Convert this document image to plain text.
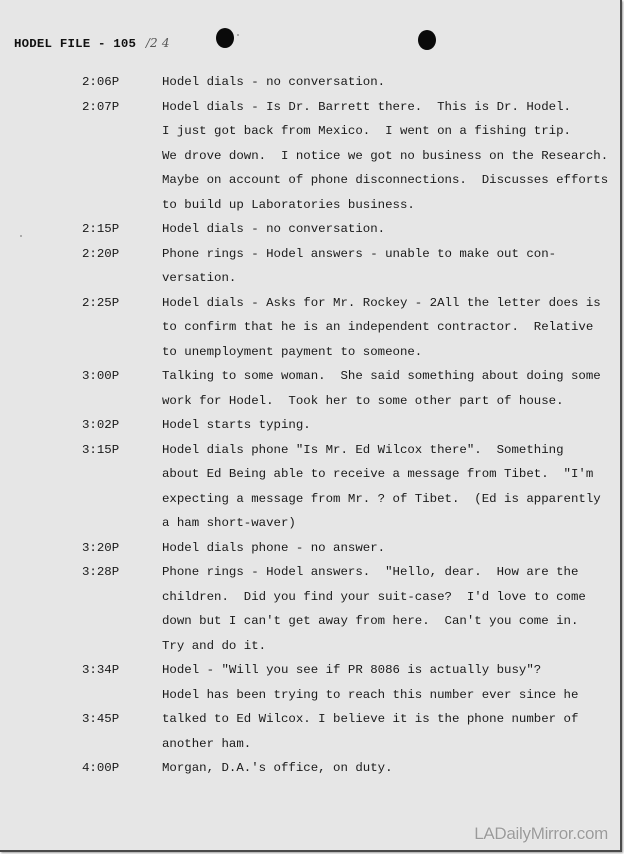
HODEL FILE - 105 /2 4
2:06P	Hodel dials - no conversation.
2:07P	Hodel dials - Is Dr. Barrett there.  This is Dr. Hodel.
I just got back from Mexico.  I went on a fishing trip.
We drove down.  I notice we got no business on the Research.
Maybe on account of phone disconnections.  Discusses efforts
to build up Laboratories business.
2:15P	Hodel dials - no conversation.
2:20P	Phone rings - Hodel answers - unable to make out con-
versation.
2:25P	Hodel dials - Asks for Mr. Rockey - 2All the letter does is
to confirm that he is an independent contractor.  Relative
to unemployment payment to someone.
3:00P	Talking to some woman.  She said something about doing some
work for Hodel.  Took her to some other part of house.
3:02P	Hodel starts typing.
3:15P	Hodel dials phone "Is Mr. Ed Wilcox there".  Something
about Ed Being able to receive a message from Tibet.  "I'm
expecting a message from Mr. ? of Tibet.  (Ed is apparently
a ham short-waver)
3:20P	Hodel dials phone - no answer.
3:28P	Phone rings - Hodel answers.  "Hello, dear.  How are the
children.  Did you find your suit-case?  I'd love to come
down but I can't get away from here.  Can't you come in.
Try and do it.
3:34P	Hodel - "Will you see if PR 8086 is actually busy"?
Hodel has been trying to reach this number ever since he
3:45P	talked to Ed Wilcox. I believe it is the phone number of
another ham.
4:00P	Morgan, D.A.'s office, on duty.
LADailyMirror.com
